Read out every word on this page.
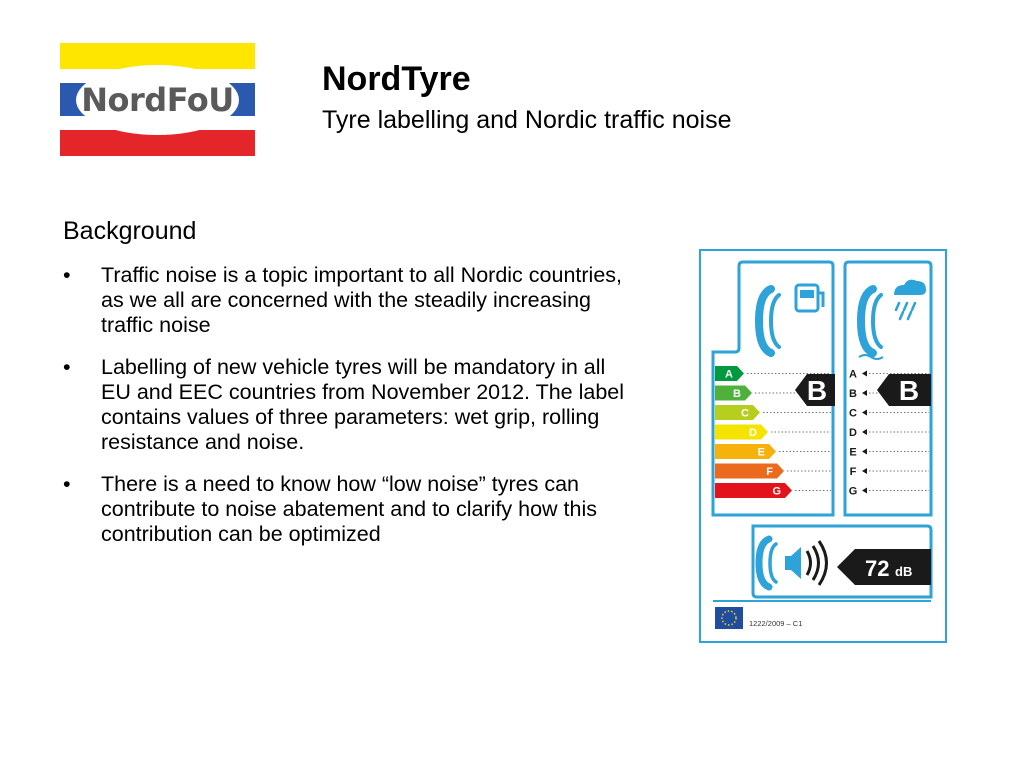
NordFoU
NordTyre
Tyre labelling and Nordic traffic noise
Background
• Traffic noise is a topic important to all Nordic countries, as we all are concerned with the steadily increasing traffic noise
• Labelling of new vehicle tyres will be mandatory in all EU and EEC countries from November 2012. The label contains values of three parameters: wet grip, rolling resistance and noise.
• There is a need to know how “low noise” tyres can contribute to noise abatement and to clarify how this contribution can be optimized
A
B
C
D
E
F
G
A
B
C
D
E
F
G
B	B
72 dB
1222/2009 – C1
